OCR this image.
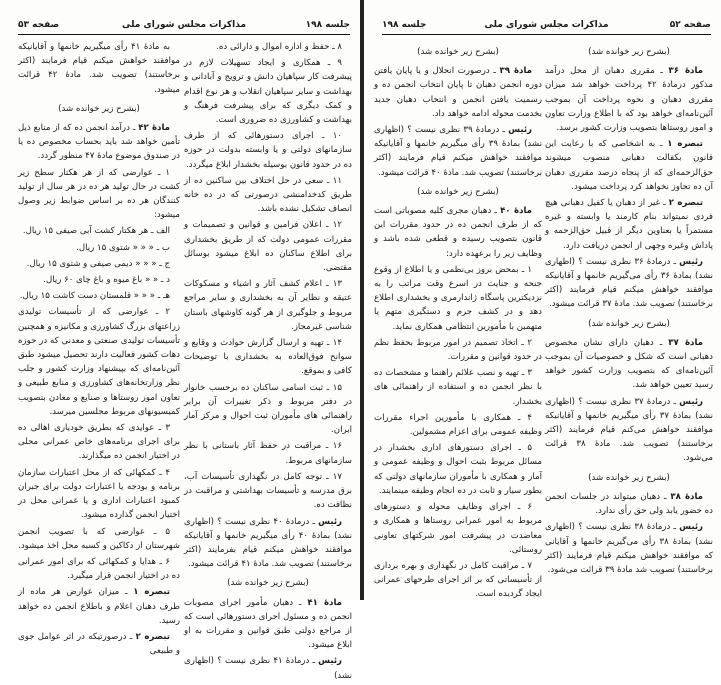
جلسه ۱۹۸
مذاکرات مجلس شورای ملی
صفحه ۵۳

۸ ـ حفظ و اداره اموال و دارائی ده.

۹ ـ همکاری و ایجاد تسهیلات لازم در پیشرفت کار سپاهیان دانش و ترویج و آبادانی و بهداشت و سایر سپاهیان انقلاب و هر نوع اقدام و کمک دیگری که برای پیشرفت فرهنگ و بهداشت و کشاورزی ده ضروری است.

۱۰ ـ اجرای دستورهائی که از طرف سازمانهای دولتی و یا وابسته بدولت در حوزه ده در حدود قانون بوسیله بخشدار ابلاغ میگردد.

۱۱ ـ سعی در حل اختلاف بین ساکنین ده از طریق کدخدامنشی درصورتی که در ده خانه انصاف تشکیل نشده باشد.

۱۲ ـ اعلان فرامین و قوانین و تصمیمات و مقررات عمومی دولت که از طریق بخشداری برای اطلاع ساکنان ده ابلاغ میشود بوسائل مقتضی.

۱۳ ـ اعلام کشف آثار و اشیاء و مسکوکات عتیقه و نظایر آن به بخشداری و سایر مراجع مربوط و جلوگیری از هر گونه کاوشهای باستان شناسی غیرمجاز.

۱۴ ـ تهیه و ارسال گزارش حوادث و وقایع و سوانح فوق‌العاده به بخشداری با توضیحات کافی و بموقع.

۱۵ ـ ثبت اسامی ساکنان ده برحسب خانوار در دفتر مربوط و ذکر تغییرات آن برابر راهنمائی های مأموران ثبت احوال و مرکز آمار ایران.

۱۶ ـ مراقبت در حفظ آثار باستانی با نظر سازمانهای مربوط.

۱۷ ـ توجه کامل در نگهداری تأسیسات آب، برق مدرسه و تأسیسات بهداشتی و مراقبت در نظافت ده.

رئیس ـ درمادهٔ ۴۰ نظری نیست ؟ (اظهاری نشد) بمادهٔ ۴۰ رأی میگیریم خانمها و آقایانیکه موافقند خواهش میکنم قیام بفرمایند (اکثر برخاستند) تصویب شد. مادهٔ ۴۱ قرائت میشود.

(بشرح زیر خوانده شد)

مادهٔ ۴۱ ـ دهبان مأمور اجرای مصوبات انجمن ده و مسئول اجرای دستورهائی است که از مراجع دولتی طبق قوانین و مقررات به او ابلاغ میشود.

رئیس ـ درمادهٔ ۴۱ نظری نیست ؟ (اظهاری نشد)

به مادهٔ ۴۱ رأی میگیریم خانمها و آقایانیکه موافقند خواهش میکنم قیام فرمایند (اکثر برخاستند) تصویب شد. مادهٔ ۴۲ قرائت میشود.

(بشرح زیر خوانده شد)

مادهٔ ۴۲ ـ درآمد انجمن ده که از منابع ذیل تأمین خواهد شد باید بحساب مخصوص ده یا در صندوق موضوع مادهٔ ۴۷ منظور گردد.

۱ ـ عوارضی که از هر هکتار سطح زیر کشت در حال تولید هر ده در هر سال از تولید کنندگان هر ده بر اساس ضوابط زیر وصول میشود:

الف ـ هر هکتار کشت آبی صیفی ۱۵ ریال.

ب ـ « « « شتوی ۱۵ ریال.

ج ـ « « « دیمی صیفی و شتوی ۱۵ ریال.

د ـ « « باغ میوه و باغ چای ۶۰ ریال.

هـ ـ « « « قلمستان دست کاشت ۱۵ ریال.

۲ ـ عوارضی که از تأسیسات تولیدی زراعتهای بزرگ کشاورزی و مکانیزه و همچنین تأسیسات تولیدی صنعتی و معدنی که در حوزه دهات کشور فعالیت دارند تحصیل میشود طبق آئین‌نامه‌ای که بپیشنهاد وزارت کشور و جلب نظر وزارتخانه‌های کشاورزی و منابع طبیعی و تعاون امور روستاها و صنایع و معادن بتصویب کمیسیونهای مربوط مجلسین میرسد.

۳ ـ عوایدی که بطریق خودیاری اهالی ده برای اجرای برنامه‌های خاص عمرانی محلی در اختیار انجمن ده میگذارند.

۴ ـ کمکهائی که از محل اعتبارات سازمان برنامه و بودجه یا اعتبارات دولت برای جبران کمبود اعتبارات اداری و یا عمرانی محل در اختیار انجمن گذارده میشود.

۵ ـ عوارضی که با تصویب انجمن شهرستان از دکاکین و کسبه محل اخذ میشود.

۶ ـ هدایا و کمکهائی که برای امور عمرانی ده در اختیار انجمن قرار میگیرد.

تبصره ۱ ـ میزان عوارض هر ماده از طرف دهبان اعلام و باطلاع انجمن ده خواهد رسید.

تبصره ۲ ـ درصورتیکه در اثر عوامل جوی و طبیعی

صفحه ۵۲
مذاکرات مجلس شورای ملی
جلسه ۱۹۸

(بشرح زیر خوانده شد)

مادهٔ ۳۶ ـ مقرری دهبان از محل درآمد مذکور درمادهٔ ۴۲ پرداخت خواهد شد میزان مقرری دهبان و نحوه پرداخت آن بموجب آئین‌نامه‌ای خواهد بود که با اطلاع وزارت تعاون و امور روستاها بتصویب وزارت کشور برسد.

تبصره ۱ ـ به اشخاصی که با رعایت این قانون بکفالت دهبانی منصوب میشوند حق‌الزحمه‌ای که از پنجاه درصد مقرری دهبان آن ده تجاوز نخواهد کرد پرداخت میشود.

تبصره ۲ ـ غیر از دهبان یا کفیل دهبانی هیچ فردی نمیتواند بنام کارمند یا وابسته و غیره مستمراً یا بعناوین دیگر از قبیل حق‌الزحمه و پاداش وغیره وجهی از انجمن دریافت دارد.

رئیس ـ درمادهٔ ۳۶ نظری نیست ؟ (اظهاری نشد) بمادهٔ ۳۶ رأی می‌گیریم خانمها و آقایانیکه موافقند خواهش میکنم قیام فرمایند (اکثر برخاستند) تصویب شد. مادهٔ ۳۷ قرائت میشود.

(بشرح زیر خوانده شد)

مادهٔ ۳۷ ـ دهبان دارای نشان مخصوص دهبانی است که شکل و خصوصیات آن بموجب آئین‌نامه‌ای که بتصویب وزارت کشور خواهد رسید تعیین خواهد شد.

رئیس ـ درمادهٔ ۳۷ نظری نیست ؟ (اظهاری نشد) بمادهٔ ۳۷ رأی میگیریم خانمها و آقایانیکه موافقند خواهش می‌کنم قیام فرمایند (اکثر برخاستند) تصویب شد. مادهٔ ۳۸ قرائت می‌شود.

(بشرح زیر خوانده شد)

مادهٔ ۳۸ ـ دهبان میتواند در جلسات انجمن ده حضور یابد ولی حق رأی ندارد.

رئیس ـ درمادهٔ ۳۸ نظری نیست ؟ (اظهاری نشد) بمادهٔ ۳۸ رأی می‌گیریم خانمها و آقایانی که موافقند خواهش میکنم قیام فرمایند (اکثر برخاستند) تصویب شد مادهٔ ۳۹ قرائت می‌شود.

(بشرح زیر خوانده شد)

مادهٔ ۳۹ ـ درصورت انحلال و یا پایان یافتن دوره انجمن دهبان تا پایان انتخاب انجمن ده و رسمیت یافتن انجمن و انتخاب دهبان جدید بخدمت محوله ادامه خواهد داد.

رئیس ـ درمادهٔ ۳۹ نظری نیست ؟ (اظهاری نشد) بمادهٔ ۳۹ رأی میگیریم خانمها و آقایانیکه موافقند خواهش میکنم قیام فرمایند (اکثر برخاستند) تصویب شد. مادهٔ ۴۰ قرائت میشود.

(بشرح زیر خوانده شد)

مادهٔ ۴۰ ـ دهبان مجری کلیه مصوباتی است که از طرف انجمن ده در حدود مقررات این قانون بتصویب رسیده و قطعی شده باشد و وظایف زیر را برعهده دارد:

۱ ـ بمحض بروز بی‌نظمی و یا اطلاع از وقوع جنحه و جنایت در اسرع وقت مراتب را به نزدیکترین پاسگاه ژاندارمری و بخشداری اطلاع دهد و در کشف جرم و دستگیری متهم یا متهمین با مأمورین انتظامی همکاری نماید.

۲ ـ اتخاذ تصمیم در امور مربوط بحفظ نظم در حدود قوانین و مقررات.

۳ ـ تهیه و نصب علائم راهنما و مشخصات ده با نظر انجمن ده و استفاده از راهنمائی های بخشدار.

۴ ـ همکاری با مأمورین اجراء مقررات وظیفه عمومی برای اعزام مشمولین.

۵ ـ اجرای دستورهای اداری بخشدار در مسائل مربوط بثبت احوال و وظیفه عمومی و آمار و همکاری با مأموران سازمانهای دولتی که بطور سیار و ثابت در ده انجام وظیفه مینمایند.

۶ ـ اجرای وظایف محوله و دستورهای مربوط به امور عمرانی روستاها و همکاری و معاضدت در پیشرفت امور شرکتهای تعاونی روستائی.

۷ ـ مراقبت کامل در نگهداری و بهره برداری از تأسیساتی که بر اثر اجرای طرحهای عمرانی ایجاد گردیده است.
